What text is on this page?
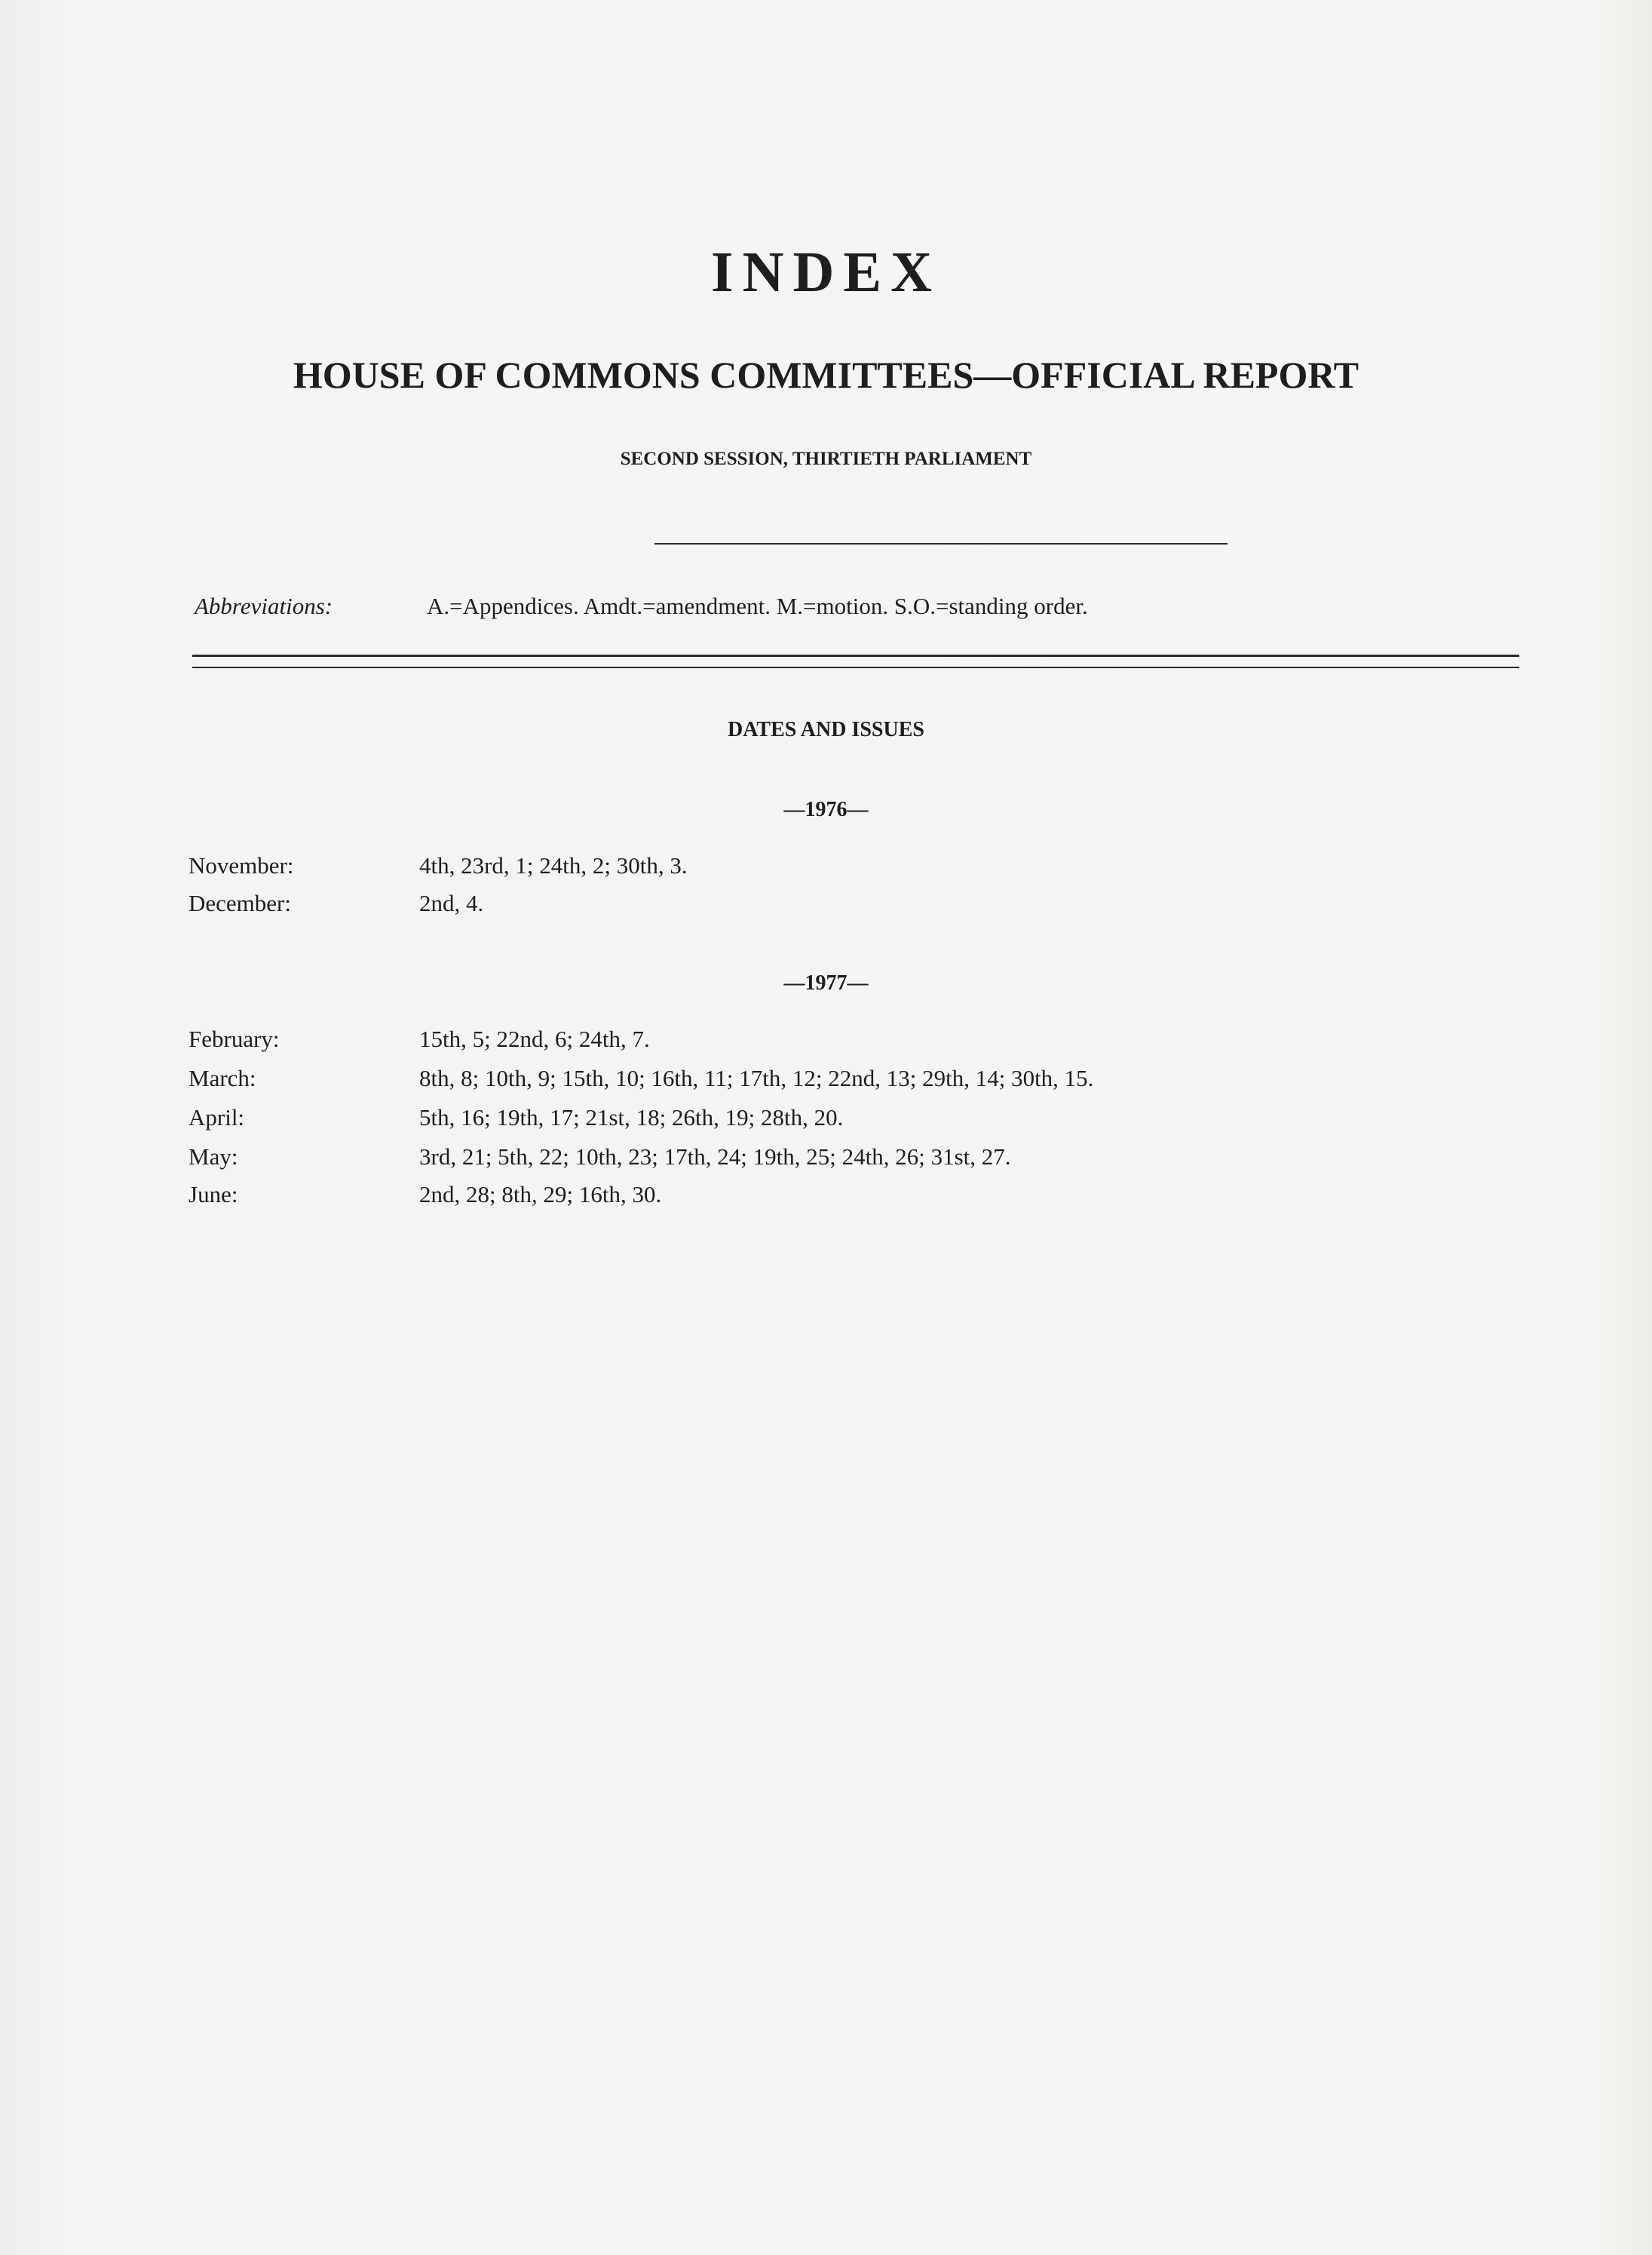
INDEX
HOUSE OF COMMONS COMMITTEES—OFFICIAL REPORT
SECOND SESSION, THIRTIETH PARLIAMENT
Abbreviations:	A.=Appendices. Amdt.=amendment. M.=motion. S.O.=standing order.
DATES AND ISSUES
—1976—
November:	4th, 23rd, 1; 24th, 2; 30th, 3.
December:	2nd, 4.
—1977—
February:	15th, 5; 22nd, 6; 24th, 7.
March:	8th, 8; 10th, 9; 15th, 10; 16th, 11; 17th, 12; 22nd, 13; 29th, 14; 30th, 15.
April:	5th, 16; 19th, 17; 21st, 18; 26th, 19; 28th, 20.
May:	3rd, 21; 5th, 22; 10th, 23; 17th, 24; 19th, 25; 24th, 26; 31st, 27.
June:	2nd, 28; 8th, 29; 16th, 30.
